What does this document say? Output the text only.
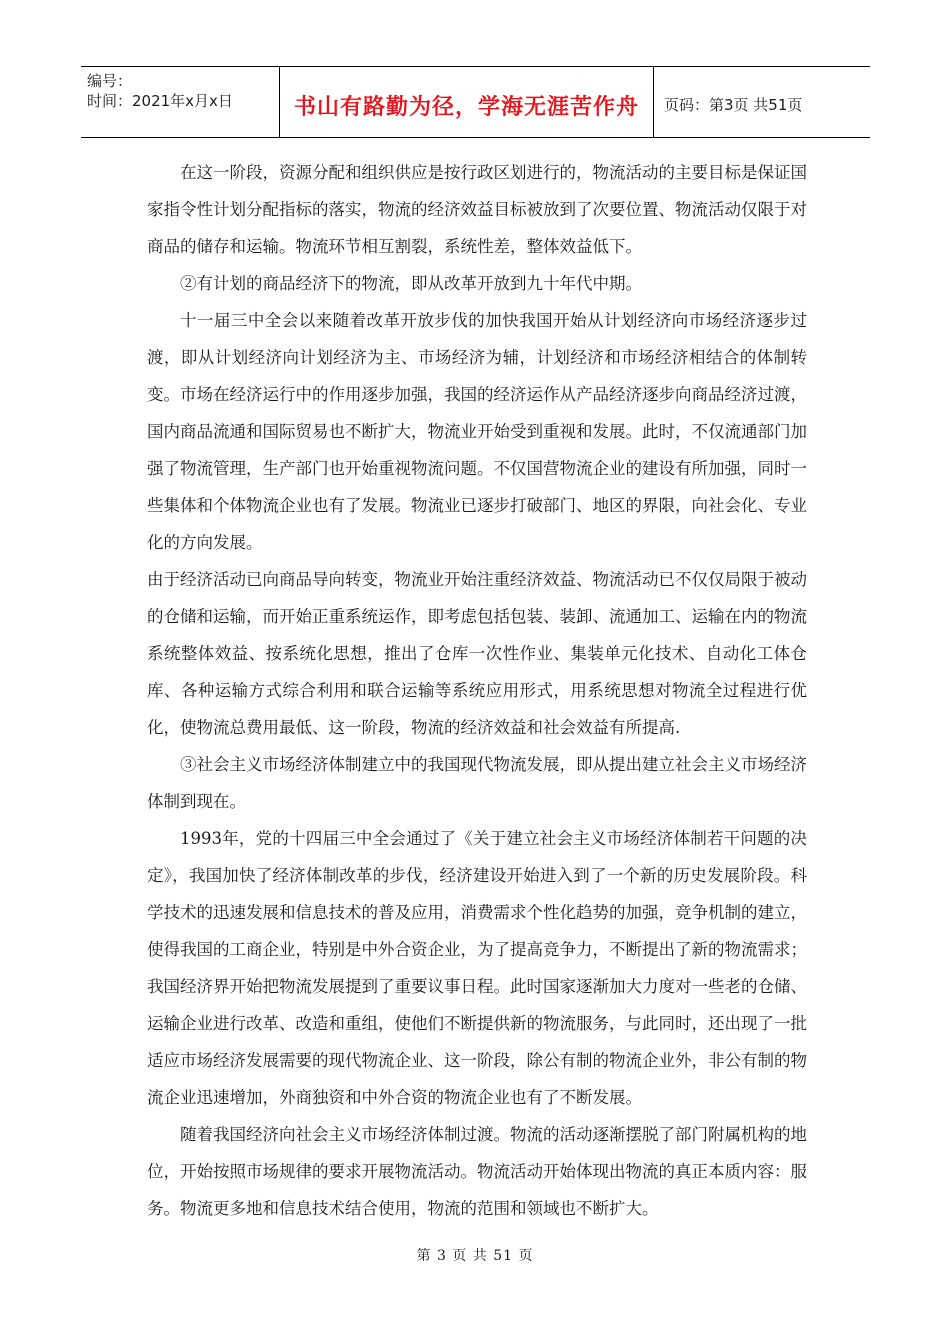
编号：
时间：2021年x月x日	书山有路勤为径，学海无涯苦作舟	页码：第3页 共51页

在这一阶段，资源分配和组织供应是按行政区划进行的，物流活动的主要目标是保证国家指令性计划分配指标的落实，物流的经济效益目标被放到了次要位置、物流活动仅限于对商品的储存和运输。物流环节相互割裂，系统性差，整体效益低下。

②有计划的商品经济下的物流，即从改革开放到九十年代中期。

十一届三中全会以来随着改革开放步伐的加快我国开始从计划经济向市场经济逐步过渡，即从计划经济向计划经济为主、市场经济为辅，计划经济和市场经济相结合的体制转变。市场在经济运行中的作用逐步加强，我国的经济运作从产品经济逐步向商品经济过渡，国内商品流通和国际贸易也不断扩大，物流业开始受到重视和发展。此时，不仅流通部门加强了物流管理，生产部门也开始重视物流问题。不仅国营物流企业的建设有所加强，同时一些集体和个体物流企业也有了发展。物流业已逐步打破部门、地区的界限，向社会化、专业化的方向发展。

由于经济活动已向商品导向转变，物流业开始注重经济效益、物流活动已不仅仅局限于被动的仓储和运输，而开始正重系统运作，即考虑包括包装、装卸、流通加工、运输在内的物流系统整体效益、按系统化思想，推出了仓库一次性作业、集装单元化技术、自动化工体仓库、各种运输方式综合利用和联合运输等系统应用形式，用系统思想对物流全过程进行优化，使物流总费用最低、这一阶段，物流的经济效益和社会效益有所提高.

③社会主义市场经济体制建立中的我国现代物流发展，即从提出建立社会主义市场经济体制到现在。

1993年，党的十四届三中全会通过了《关于建立社会主义市场经济体制若干问题的决定》，我国加快了经济体制改革的步伐，经济建设开始进入到了一个新的历史发展阶段。科学技术的迅速发展和信息技术的普及应用，消费需求个性化趋势的加强，竞争机制的建立，使得我国的工商企业，特别是中外合资企业，为了提高竞争力，不断提出了新的物流需求；我国经济界开始把物流发展提到了重要议事日程。此时国家逐渐加大力度对一些老的仓储、运输企业进行改革、改造和重组，使他们不断提供新的物流服务，与此同时，还出现了一批适应市场经济发展需要的现代物流企业、这一阶段，除公有制的物流企业外，非公有制的物流企业迅速增加，外商独资和中外合资的物流企业也有了不断发展。

随着我国经济向社会主义市场经济体制过渡。物流的活动逐渐摆脱了部门附属机构的地位，开始按照市场规律的要求开展物流活动。物流活动开始体现出物流的真正本质内容：服务。物流更多地和信息技术结合使用，物流的范围和领域也不断扩大。

第 3 页 共 51 页
